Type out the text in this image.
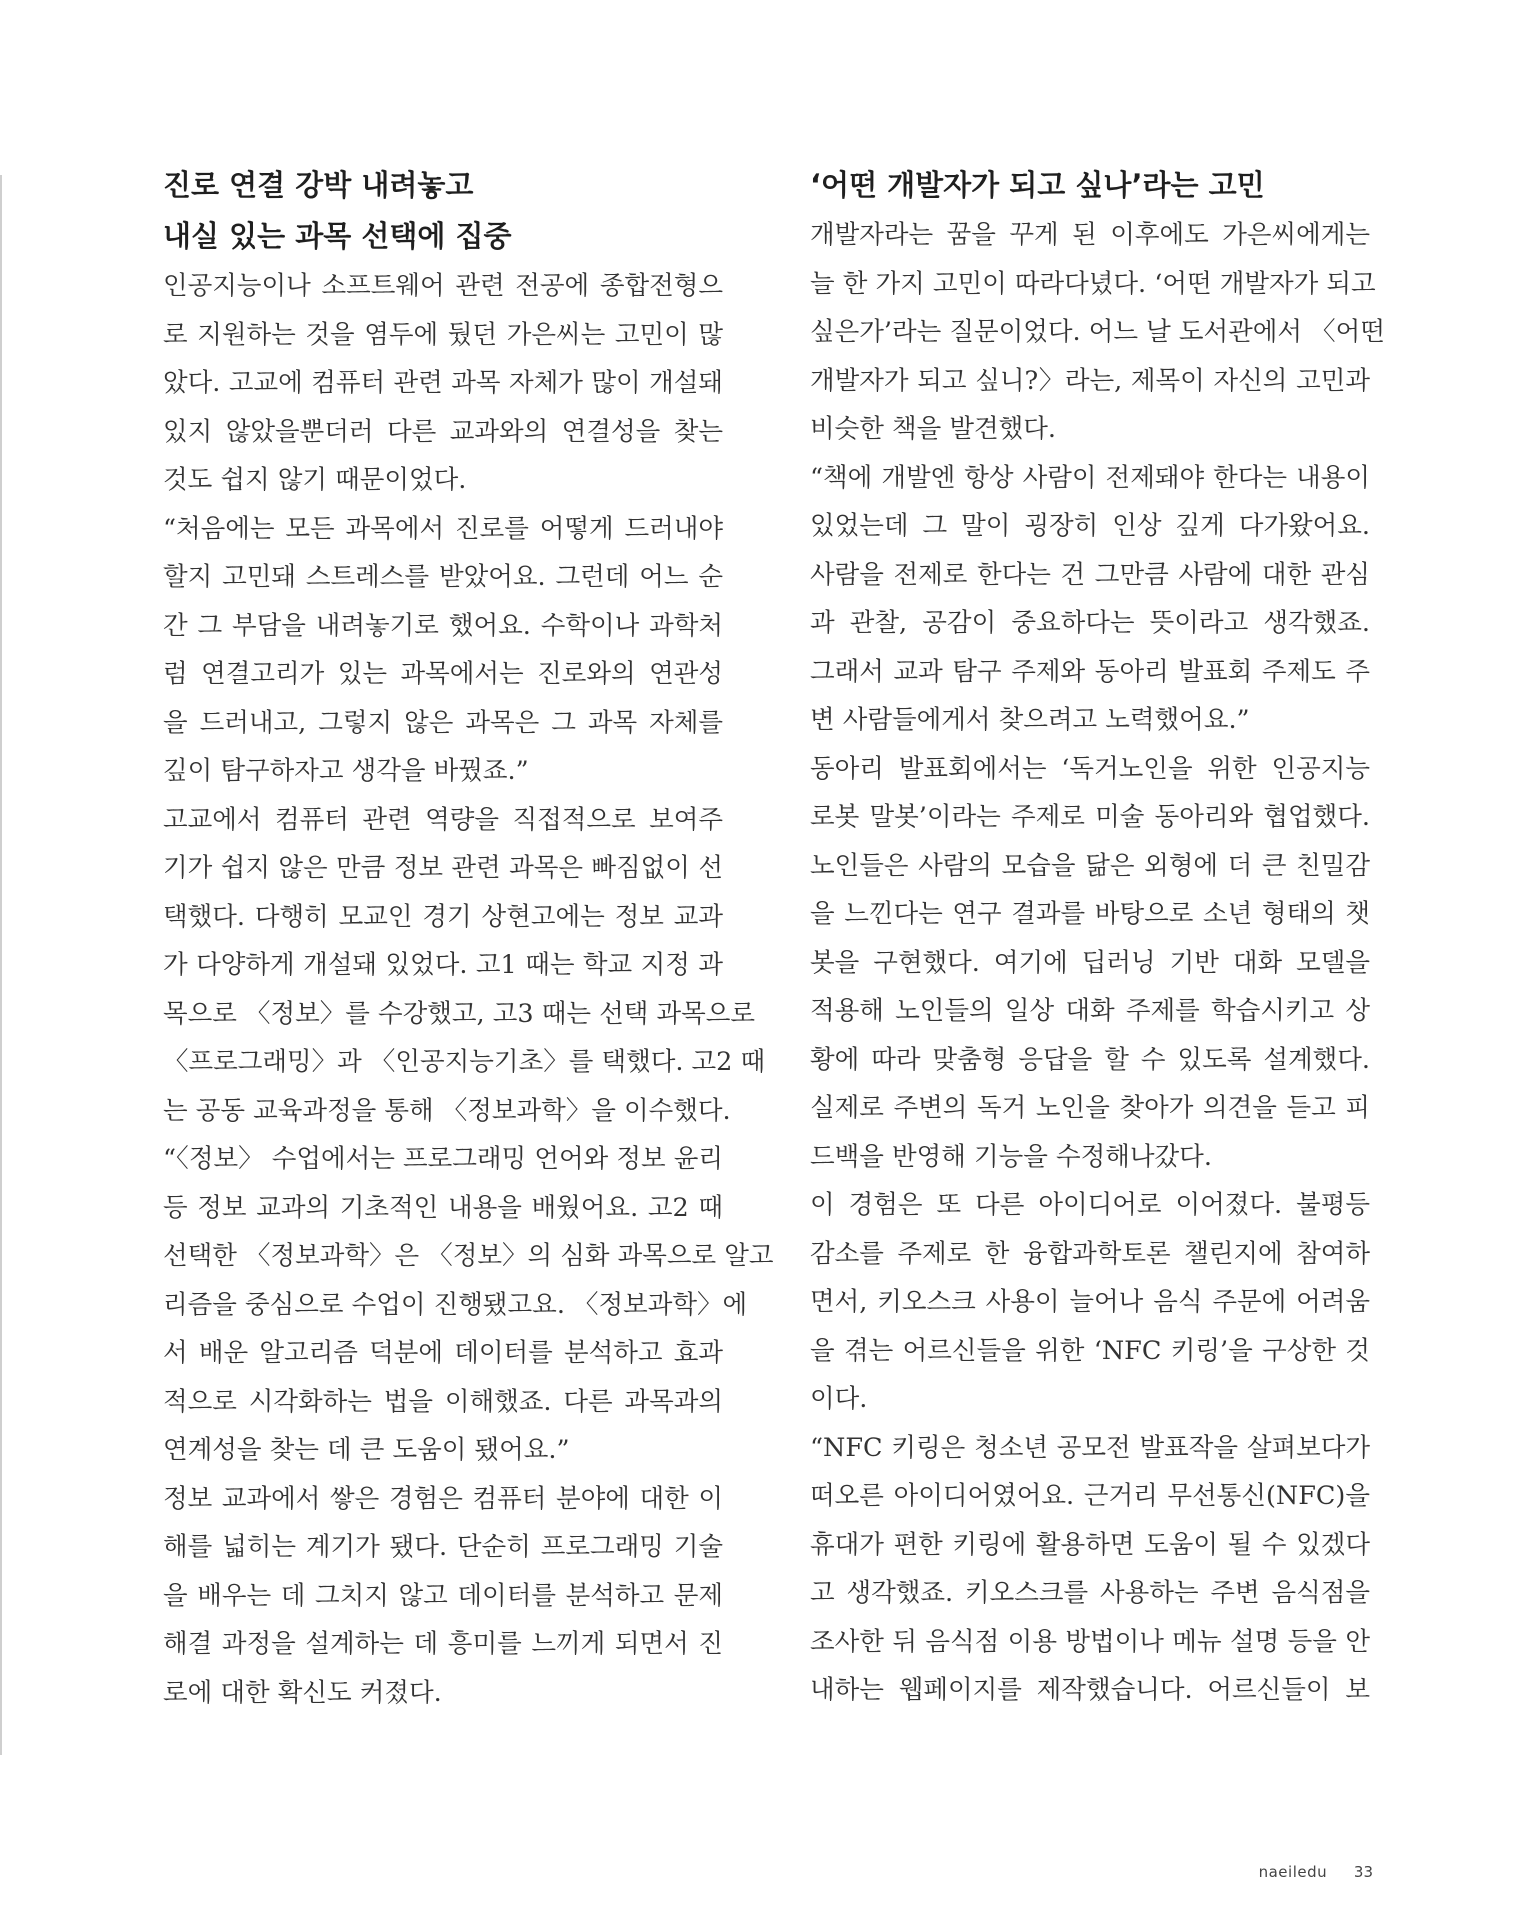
진로 연결 강박 내려놓고
내실 있는 과목 선택에 집중
인공지능이나 소프트웨어 관련 전공에 종합전형으
로 지원하는 것을 염두에 뒀던 가은씨는 고민이 많
았다. 고교에 컴퓨터 관련 과목 자체가 많이 개설돼
있지 않았을뿐더러 다른 교과와의 연결성을 찾는
것도 쉽지 않기 때문이었다.
“처음에는 모든 과목에서 진로를 어떻게 드러내야
할지 고민돼 스트레스를 받았어요. 그런데 어느 순
간 그 부담을 내려놓기로 했어요. 수학이나 과학처
럼 연결고리가 있는 과목에서는 진로와의 연관성
을 드러내고, 그렇지 않은 과목은 그 과목 자체를
깊이 탐구하자고 생각을 바꿨죠.”
고교에서 컴퓨터 관련 역량을 직접적으로 보여주
기가 쉽지 않은 만큼 정보 관련 과목은 빠짐없이 선
택했다. 다행히 모교인 경기 상현고에는 정보 교과
가 다양하게 개설돼 있었다. 고1 때는 학교 지정 과
목으로 〈정보〉를 수강했고, 고3 때는 선택 과목으로
〈프로그래밍〉과 〈인공지능기초〉를 택했다. 고2 때
는 공동 교육과정을 통해 〈정보과학〉을 이수했다.
“〈정보〉 수업에서는 프로그래밍 언어와 정보 윤리
등 정보 교과의 기초적인 내용을 배웠어요. 고2 때
선택한 〈정보과학〉은 〈정보〉의 심화 과목으로 알고
리즘을 중심으로 수업이 진행됐고요. 〈정보과학〉에
서 배운 알고리즘 덕분에 데이터를 분석하고 효과
적으로 시각화하는 법을 이해했죠. 다른 과목과의
연계성을 찾는 데 큰 도움이 됐어요.”
정보 교과에서 쌓은 경험은 컴퓨터 분야에 대한 이
해를 넓히는 계기가 됐다. 단순히 프로그래밍 기술
을 배우는 데 그치지 않고 데이터를 분석하고 문제
해결 과정을 설계하는 데 흥미를 느끼게 되면서 진
로에 대한 확신도 커졌다.
‘어떤 개발자가 되고 싶나’라는 고민
개발자라는 꿈을 꾸게 된 이후에도 가은씨에게는
늘 한 가지 고민이 따라다녔다. ‘어떤 개발자가 되고
싶은가’라는 질문이었다. 어느 날 도서관에서 〈어떤
개발자가 되고 싶니?〉라는, 제목이 자신의 고민과
비슷한 책을 발견했다.
“책에 개발엔 항상 사람이 전제돼야 한다는 내용이
있었는데 그 말이 굉장히 인상 깊게 다가왔어요.
사람을 전제로 한다는 건 그만큼 사람에 대한 관심
과 관찰, 공감이 중요하다는 뜻이라고 생각했죠.
그래서 교과 탐구 주제와 동아리 발표회 주제도 주
변 사람들에게서 찾으려고 노력했어요.”
동아리 발표회에서는 ‘독거노인을 위한 인공지능
로봇 말봇’이라는 주제로 미술 동아리와 협업했다.
노인들은 사람의 모습을 닮은 외형에 더 큰 친밀감
을 느낀다는 연구 결과를 바탕으로 소년 형태의 챗
봇을 구현했다. 여기에 딥러닝 기반 대화 모델을
적용해 노인들의 일상 대화 주제를 학습시키고 상
황에 따라 맞춤형 응답을 할 수 있도록 설계했다.
실제로 주변의 독거 노인을 찾아가 의견을 듣고 피
드백을 반영해 기능을 수정해나갔다.
이 경험은 또 다른 아이디어로 이어졌다. 불평등
감소를 주제로 한 융합과학토론 챌린지에 참여하
면서, 키오스크 사용이 늘어나 음식 주문에 어려움
을 겪는 어르신들을 위한 ‘NFC 키링’을 구상한 것
이다.
“NFC 키링은 청소년 공모전 발표작을 살펴보다가
떠오른 아이디어였어요. 근거리 무선통신(NFC)을
휴대가 편한 키링에 활용하면 도움이 될 수 있겠다
고 생각했죠. 키오스크를 사용하는 주변 음식점을
조사한 뒤 음식점 이용 방법이나 메뉴 설명 등을 안
내하는 웹페이지를 제작했습니다. 어르신들이 보
naeiledu 33
